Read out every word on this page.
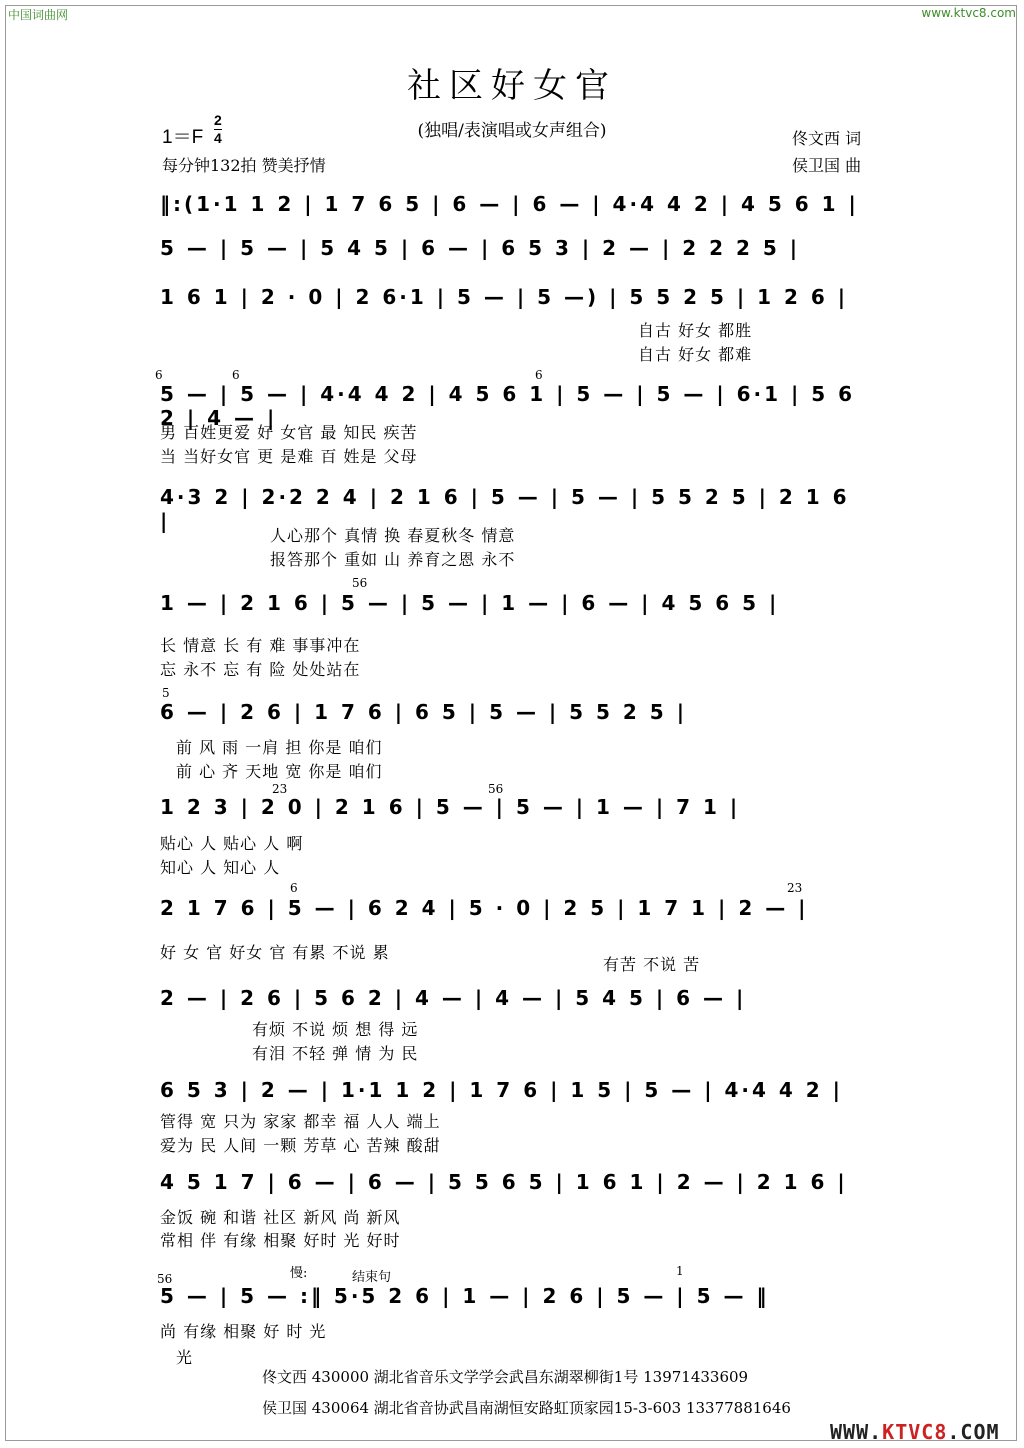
中国词曲网	www.ktvc8.com
社区好女官
(独唱/表演唱或女声组合)
$1=F \frac{2}{4}$
每分钟132拍 赞美抒情
佟文西 词
侯卫国 曲
‖:(1·1 1 2 | 1 7 6 5 | 6 — | 6 — | 4·4 4 2 | 4 5 6 1 |
5 — | 5 — | 5 4 5 | 6 — | 6 5 3 | 2 — | 2 2 2 5 |
1 6 1 | 2 · 0 | 2 6·1 | 5 — | 5 —) | 5 5 2 5 | 1 2 6 |
5 — | 5 — | 4·4 4 2 | 4 5 6 1 | 5 — | 5 — | 6·1 | 5 6 2 | 4 — |
4·3 2 | 2·2 2 4 | 2 1 6 | 5 — | 5 — | 5 5 2 5 | 2 1 6 |
1 — | 2 1 6 | 5 — | 5 — | 1 — | 6 — | 4 5 6 5 |
6 — | 2 6 | 1 7 6 | 6 5 | 5 — | 5 5 2 5 |
1 2 3 | 2 0 | 2 1 6 | 5 — | 5 — | 1 — | 7 1 |
2 1 7 6 | 5 — | 6 2 4 | 5 · 0 | 2 5 | 1 7 1 | 2 — |
2 — | 2 6 | 5 6 2 | 4 — | 4 — | 5 4 5 | 6 — |
6 5 3 | 2 — | 1·1 1 2 | 1 7 6 | 1 5 | 5 — | 4·4 4 2 |
4 5 1 7 | 6 — | 6 — | 5 5 6 5 | 1 6 1 | 2 — | 2 1 6 |
5 — | 5 — :‖ 5·5 2 6 | 1 — | 2 6 | 5 — | 5 — ‖
6	6	6
56
5
23	56
6	23
56
1
慢:	结束句
自古 好女 都胜
自古 好女 都难
男 百姓更爱 好 女官 最 知民 疾苦
当 当好女官 更 是难 百 姓是 父母
人心那个 真情 换 春夏秋冬 情意
报答那个 重如 山 养育之恩 永不
长 情意 长 有 难 事事冲在
忘 永不 忘 有 险 处处站在
前 风 雨 一肩 担 你是 咱们
前 心 齐 天地 宽 你是 咱们
贴心 人 贴心 人 啊
知心 人 知心 人
好 女 官 好女 官 有累 不说 累
有苦 不说 苦
有烦 不说 烦 想 得 远
有泪 不轻 弹 情 为 民
管得 宽 只为 家家 都幸 福 人人 端上
爱为 民 人间 一颗 芳草 心 苦辣 酸甜
金饭 碗 和谐 社区 新风 尚 新风
常相 伴 有缘 相聚 好时 光 好时
尚 有缘 相聚 好 时 光
光
佟文西 430000 湖北省音乐文学学会武昌东湖翠柳街1号 13971433609
侯卫国 430064 湖北省音协武昌南湖恒安路虹顶家园15-3-603 13377881646
WWW.KTVC8.COM
